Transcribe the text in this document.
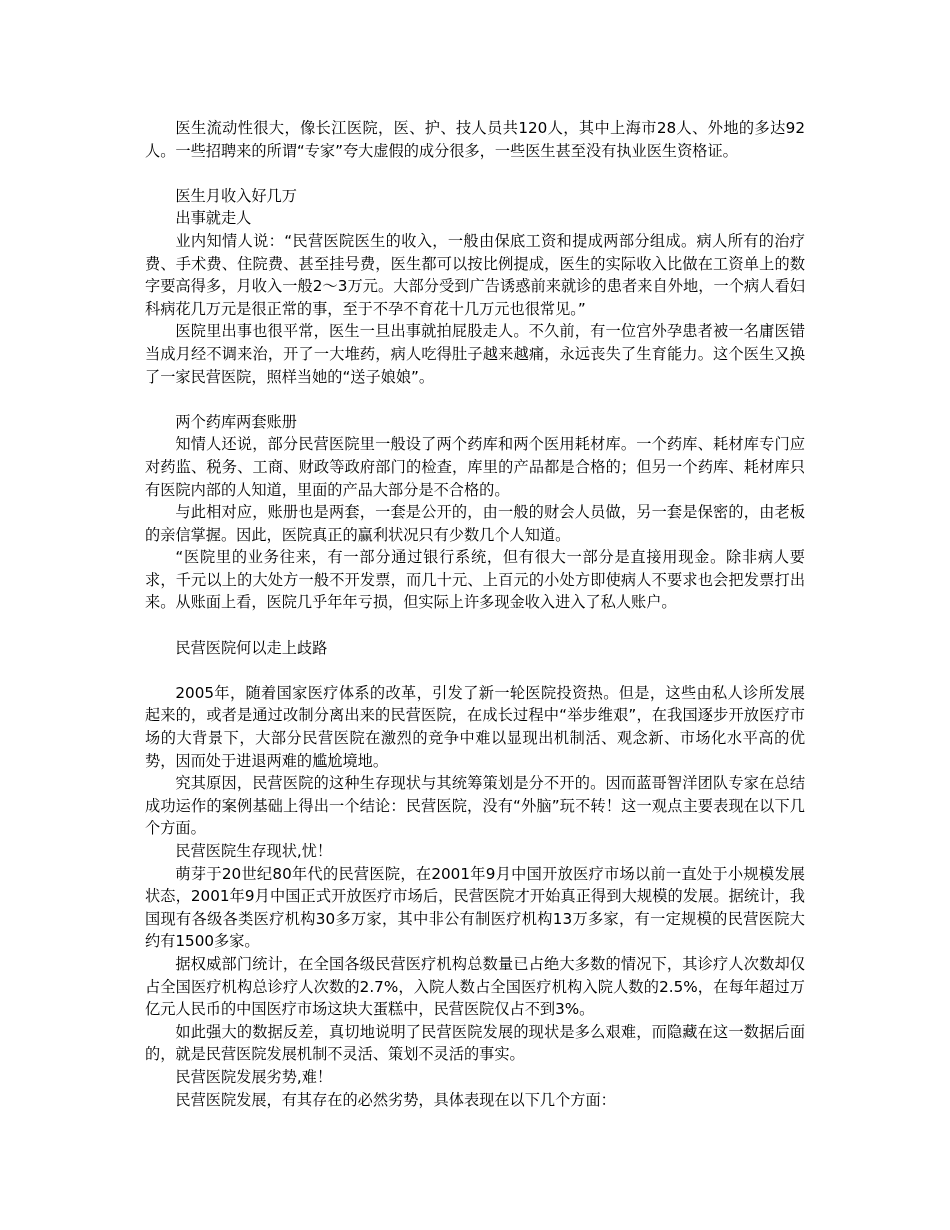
医生流动性很大，像长江医院，医、护、技人员共120人，其中上海市28人、外地的多达92人。一些招聘来的所谓“专家”夸大虚假的成分很多，一些医生甚至没有执业医生资格证。

医生月收入好几万

出事就走人

业内知情人说：“民营医院医生的收入，一般由保底工资和提成两部分组成。病人所有的治疗费、手术费、住院费、甚至挂号费，医生都可以按比例提成，医生的实际收入比做在工资单上的数字要高得多，月收入一般2～3万元。大部分受到广告诱惑前来就诊的患者来自外地，一个病人看妇科病花几万元是很正常的事，至于不孕不育花十几万元也很常见。”

医院里出事也很平常，医生一旦出事就拍屁股走人。不久前，有一位宫外孕患者被一名庸医错当成月经不调来治，开了一大堆药，病人吃得肚子越来越痛，永远丧失了生育能力。这个医生又换了一家民营医院，照样当她的“送子娘娘”。

两个药库两套账册

知情人还说，部分民营医院里一般设了两个药库和两个医用耗材库。一个药库、耗材库专门应对药监、税务、工商、财政等政府部门的检查，库里的产品都是合格的；但另一个药库、耗材库只有医院内部的人知道，里面的产品大部分是不合格的。

与此相对应，账册也是两套，一套是公开的，由一般的财会人员做，另一套是保密的，由老板的亲信掌握。因此，医院真正的赢利状况只有少数几个人知道。

“医院里的业务往来，有一部分通过银行系统，但有很大一部分是直接用现金。除非病人要求，千元以上的大处方一般不开发票，而几十元、上百元的小处方即使病人不要求也会把发票打出来。从账面上看，医院几乎年年亏损，但实际上许多现金收入进入了私人账户。

民营医院何以走上歧路

2005年，随着国家医疗体系的改革，引发了新一轮医院投资热。但是，这些由私人诊所发展起来的，或者是通过改制分离出来的民营医院，在成长过程中“举步维艰”，在我国逐步开放医疗市场的大背景下，大部分民营医院在激烈的竞争中难以显现出机制活、观念新、市场化水平高的优势，因而处于进退两难的尴尬境地。

究其原因，民营医院的这种生存现状与其统筹策划是分不开的。因而蓝哥智洋团队专家在总结成功运作的案例基础上得出一个结论：民营医院，没有“外脑”玩不转！这一观点主要表现在以下几个方面。

民营医院生存现状,忧！

萌芽于20世纪80年代的民营医院，在2001年9月中国开放医疗市场以前一直处于小规模发展状态，2001年9月中国正式开放医疗市场后，民营医院才开始真正得到大规模的发展。据统计，我国现有各级各类医疗机构30多万家，其中非公有制医疗机构13万多家，有一定规模的民营医院大约有1500多家。

据权威部门统计，在全国各级民营医疗机构总数量已占绝大多数的情况下，其诊疗人次数却仅占全国医疗机构总诊疗人次数的2.7%，入院人数占全国医疗机构入院人数的2.5%，在每年超过万亿元人民币的中国医疗市场这块大蛋糕中，民营医院仅占不到3%。

如此强大的数据反差，真切地说明了民营医院发展的现状是多么艰难，而隐藏在这一数据后面的，就是民营医院发展机制不灵活、策划不灵活的事实。

民营医院发展劣势,难！

民营医院发展，有其存在的必然劣势，具体表现在以下几个方面：
